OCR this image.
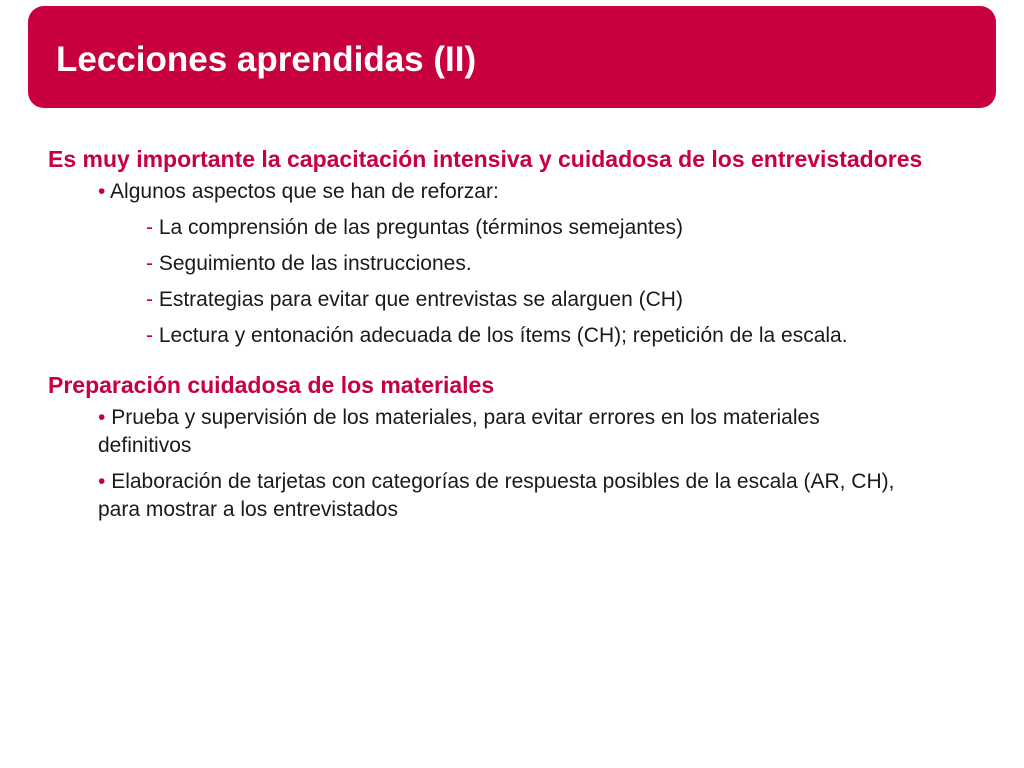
Lecciones aprendidas (II)

Es muy importante la capacitación intensiva y cuidadosa de los entrevistadores

• Algunos aspectos que se han de reforzar:

- La comprensión de las preguntas (términos semejantes)

- Seguimiento de las instrucciones.

- Estrategias para evitar que entrevistas se alarguen (CH)

- Lectura y entonación adecuada de los ítems (CH); repetición de la escala.

Preparación cuidadosa de los materiales

• Prueba y supervisión de los materiales, para evitar errores en los materiales definitivos

• Elaboración de tarjetas con categorías de respuesta posibles de la escala (AR, CH), para mostrar a los entrevistados
